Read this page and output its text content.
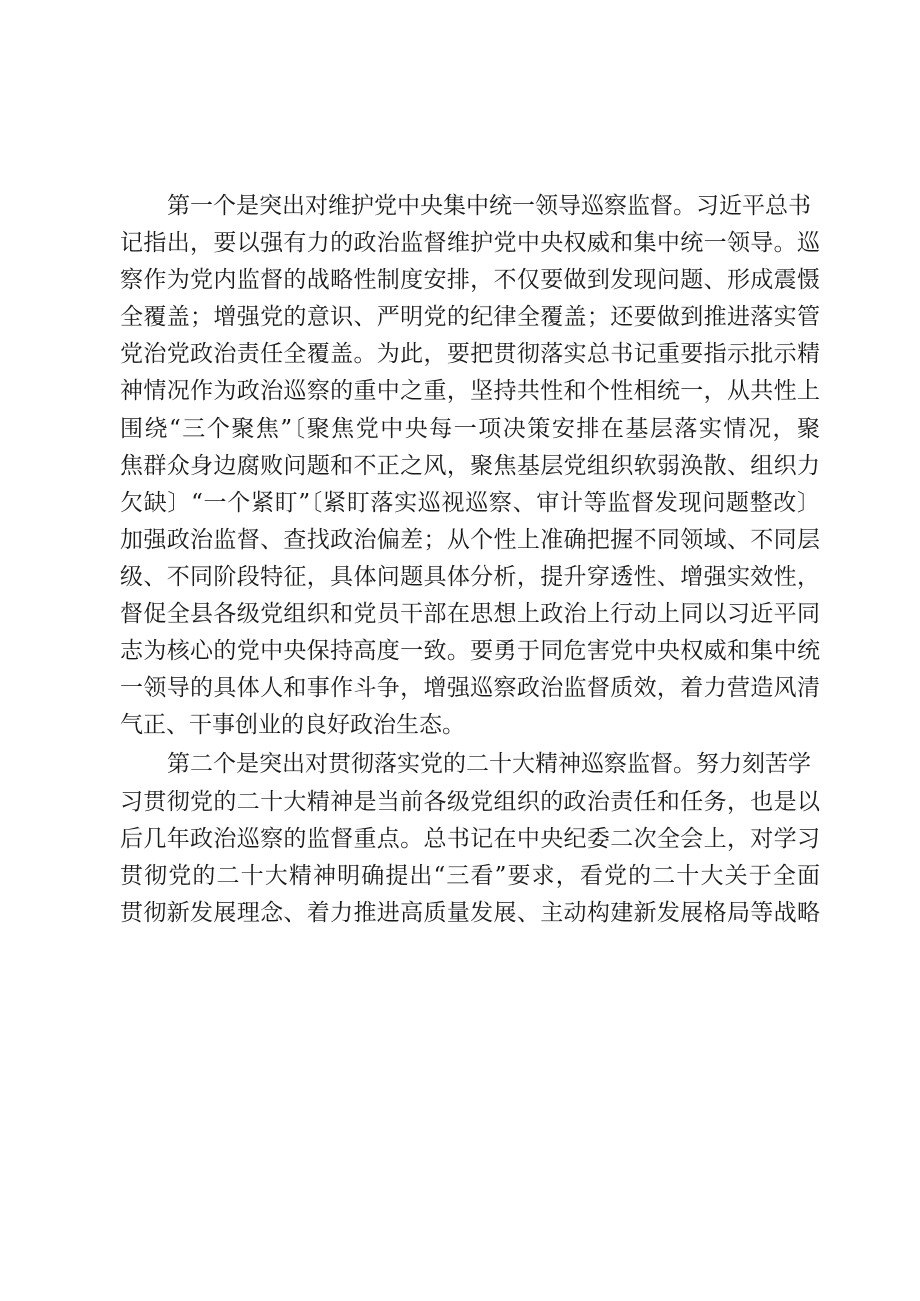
第一个是突出对维护党中央集中统一领导巡察监督。习近平总书
记指出，要以强有力的政治监督维护党中央权威和集中统一领导。巡
察作为党内监督的战略性制度安排，不仅要做到发现问题、形成震慑
全覆盖；增强党的意识、严明党的纪律全覆盖；还要做到推进落实管
党治党政治责任全覆盖。为此，要把贯彻落实总书记重要指示批示精
神情况作为政治巡察的重中之重，坚持共性和个性相统一，从共性上
围绕“三个聚焦”〔聚焦党中央每一项决策安排在基层落实情况，聚
焦群众身边腐败问题和不正之风，聚焦基层党组织软弱涣散、组织力
欠缺〕“一个紧盯”〔紧盯落实巡视巡察、审计等监督发现问题整改〕
加强政治监督、查找政治偏差；从个性上准确把握不同领域、不同层
级、不同阶段特征，具体问题具体分析，提升穿透性、增强实效性，
督促全县各级党组织和党员干部在思想上政治上行动上同以习近平同
志为核心的党中央保持高度一致。要勇于同危害党中央权威和集中统
一领导的具体人和事作斗争，增强巡察政治监督质效，着力营造风清
气正、干事创业的良好政治生态。
第二个是突出对贯彻落实党的二十大精神巡察监督。努力刻苦学
习贯彻党的二十大精神是当前各级党组织的政治责任和任务，也是以
后几年政治巡察的监督重点。总书记在中央纪委二次全会上，对学习
贯彻党的二十大精神明确提出“三看”要求，看党的二十大关于全面
贯彻新发展理念、着力推进高质量发展、主动构建新发展格局等战略
